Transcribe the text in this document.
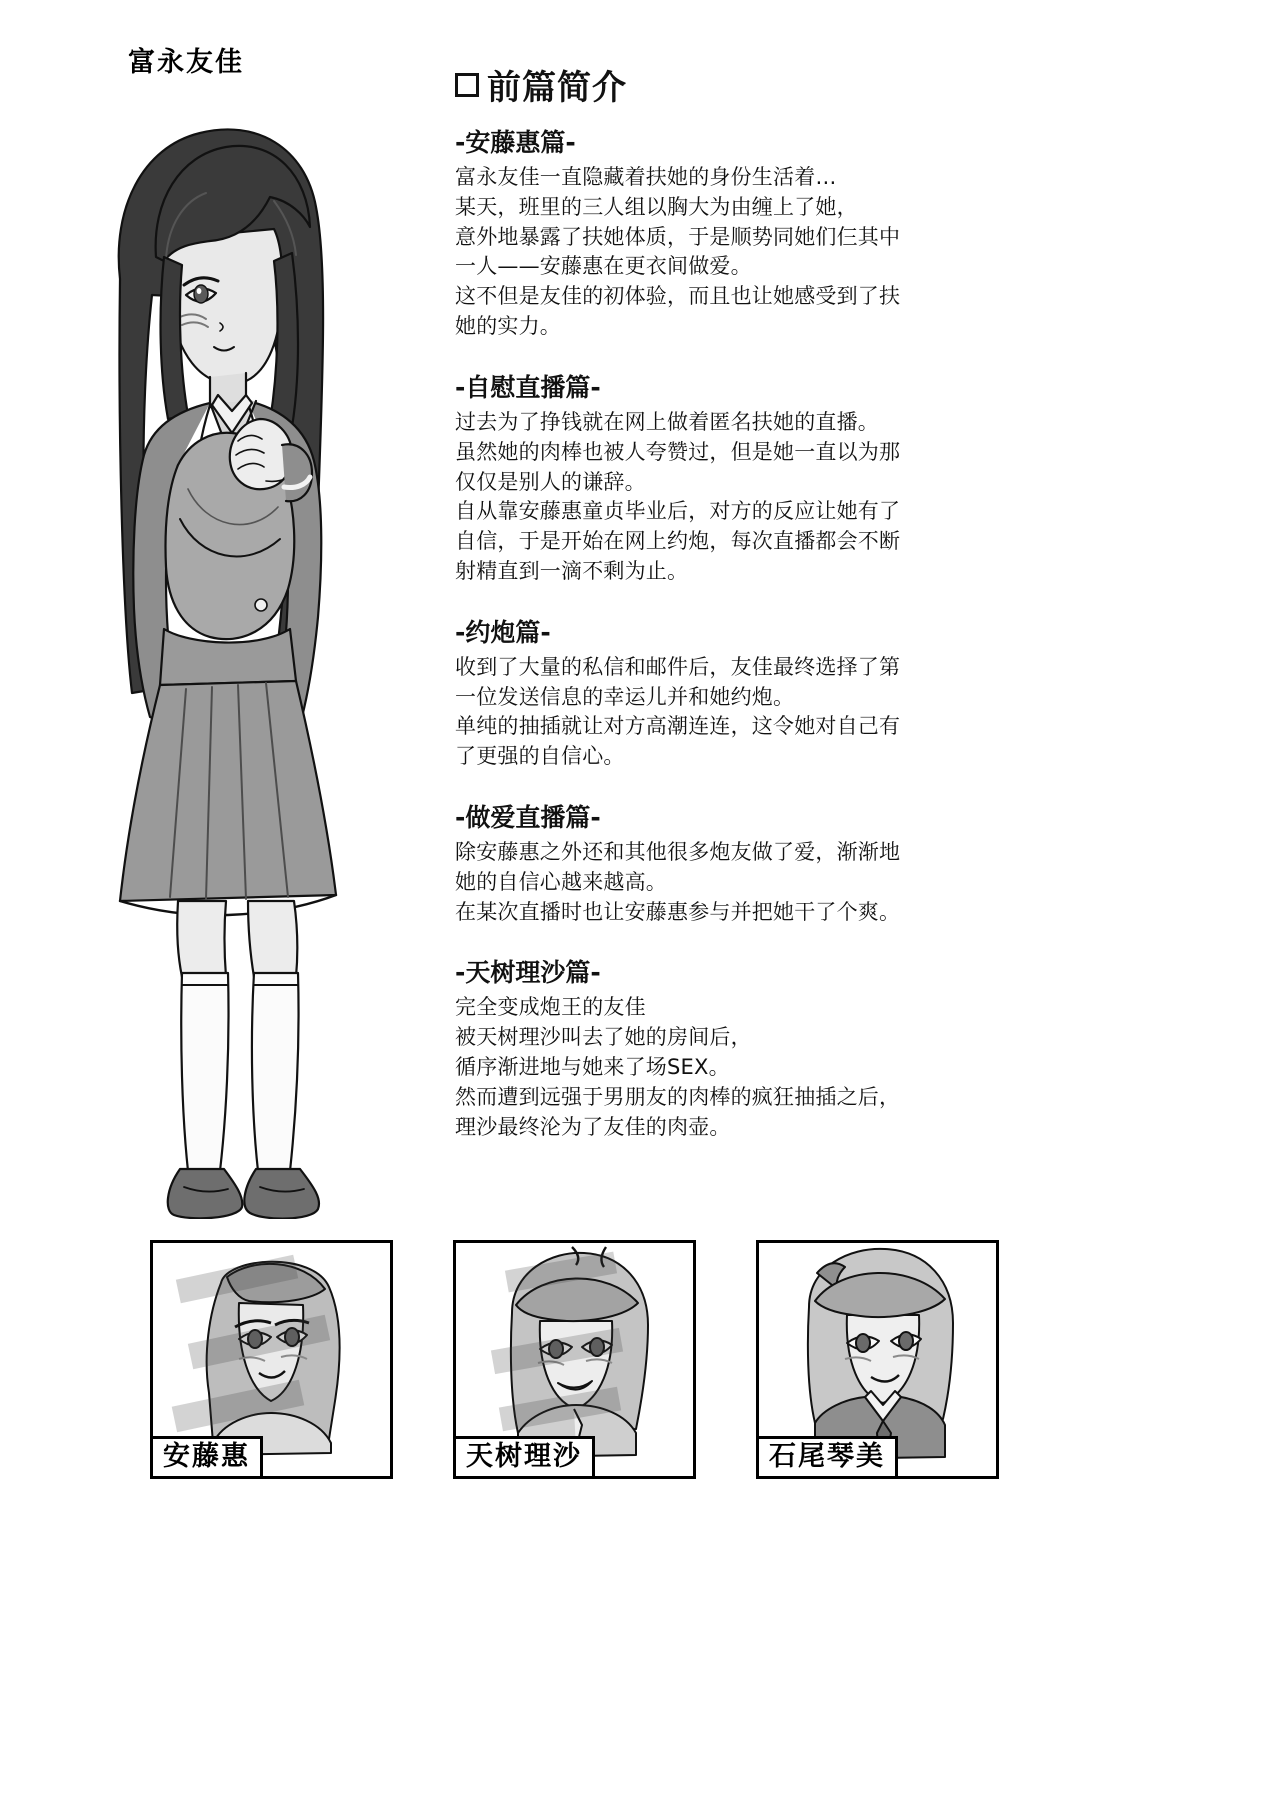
富永友佳
前篇简介
-安藤惠篇-

富永友佳一直隐藏着扶她的身份生活着…

某天，班里的三人组以胸大为由缠上了她，

意外地暴露了扶她体质，于是顺势同她们仨其中

一人——安藤惠在更衣间做爱。

这不但是友佳的初体验，而且也让她感受到了扶

她的实力。

-自慰直播篇-

过去为了挣钱就在网上做着匿名扶她的直播。

虽然她的肉棒也被人夸赞过，但是她一直以为那

仅仅是别人的谦辞。

自从靠安藤惠童贞毕业后，对方的反应让她有了

自信，于是开始在网上约炮，每次直播都会不断

射精直到一滴不剩为止。

-约炮篇-

收到了大量的私信和邮件后，友佳最终选择了第

一位发送信息的幸运儿并和她约炮。

单纯的抽插就让对方高潮连连，这令她对自己有

了更强的自信心。

-做爱直播篇-

除安藤惠之外还和其他很多炮友做了爱，渐渐地

她的自信心越来越高。

在某次直播时也让安藤惠参与并把她干了个爽。

-天树理沙篇-

完全变成炮王的友佳

被天树理沙叫去了她的房间后，

循序渐进地与她来了场SEX。

然而遭到远强于男朋友的肉棒的疯狂抽插之后，

理沙最终沦为了友佳的肉壶。

安藤惠	天树理沙	石尾琴美
